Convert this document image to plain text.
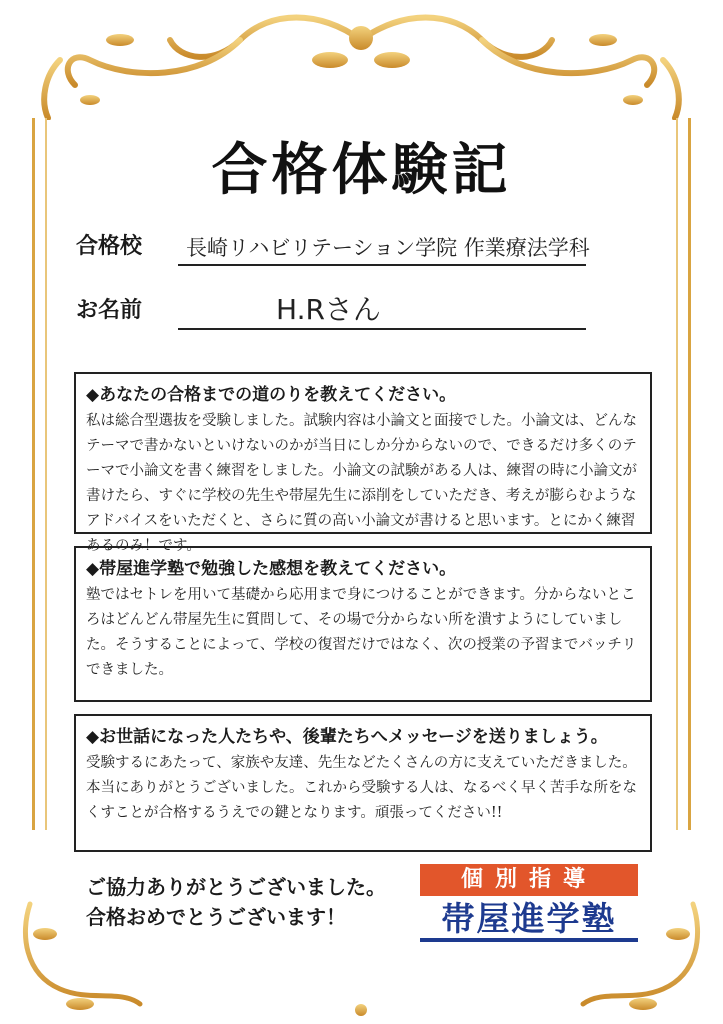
合格体験記
合格校 長崎リハビリテーション学院 作業療法学科
お名前	H.Rさん
◆あなたの合格までの道のりを教えてください。
私は総合型選抜を受験しました。試験内容は小論文と面接でした。小論文は、どんなテーマで書かないといけないのかが当日にしか分からないので、できるだけ多くのテーマで小論文を書く練習をしました。小論文の試験がある人は、練習の時に小論文が書けたら、すぐに学校の先生や帯屋先生に添削をしていただき、考えが膨らむようなアドバイスをいただくと、さらに質の高い小論文が書けると思います。とにかく練習あるのみ！です。
◆帯屋進学塾で勉強した感想を教えてください。
塾ではセトレを用いて基礎から応用まで身につけることができます。分からないところはどんどん帯屋先生に質問して、その場で分からない所を潰すようにしていました。そうすることによって、学校の復習だけではなく、次の授業の予習までバッチリできました。
◆お世話になった人たちや、後輩たちへメッセージを送りましょう。
受験するにあたって、家族や友達、先生などたくさんの方に支えていただきました。本当にありがとうございました。これから受験する人は、なるべく早く苦手な所をなくすことが合格するうえでの鍵となります。頑張ってください!!
ご協力ありがとうございました。
合格おめでとうございます！
個別指導
帯屋進学塾
